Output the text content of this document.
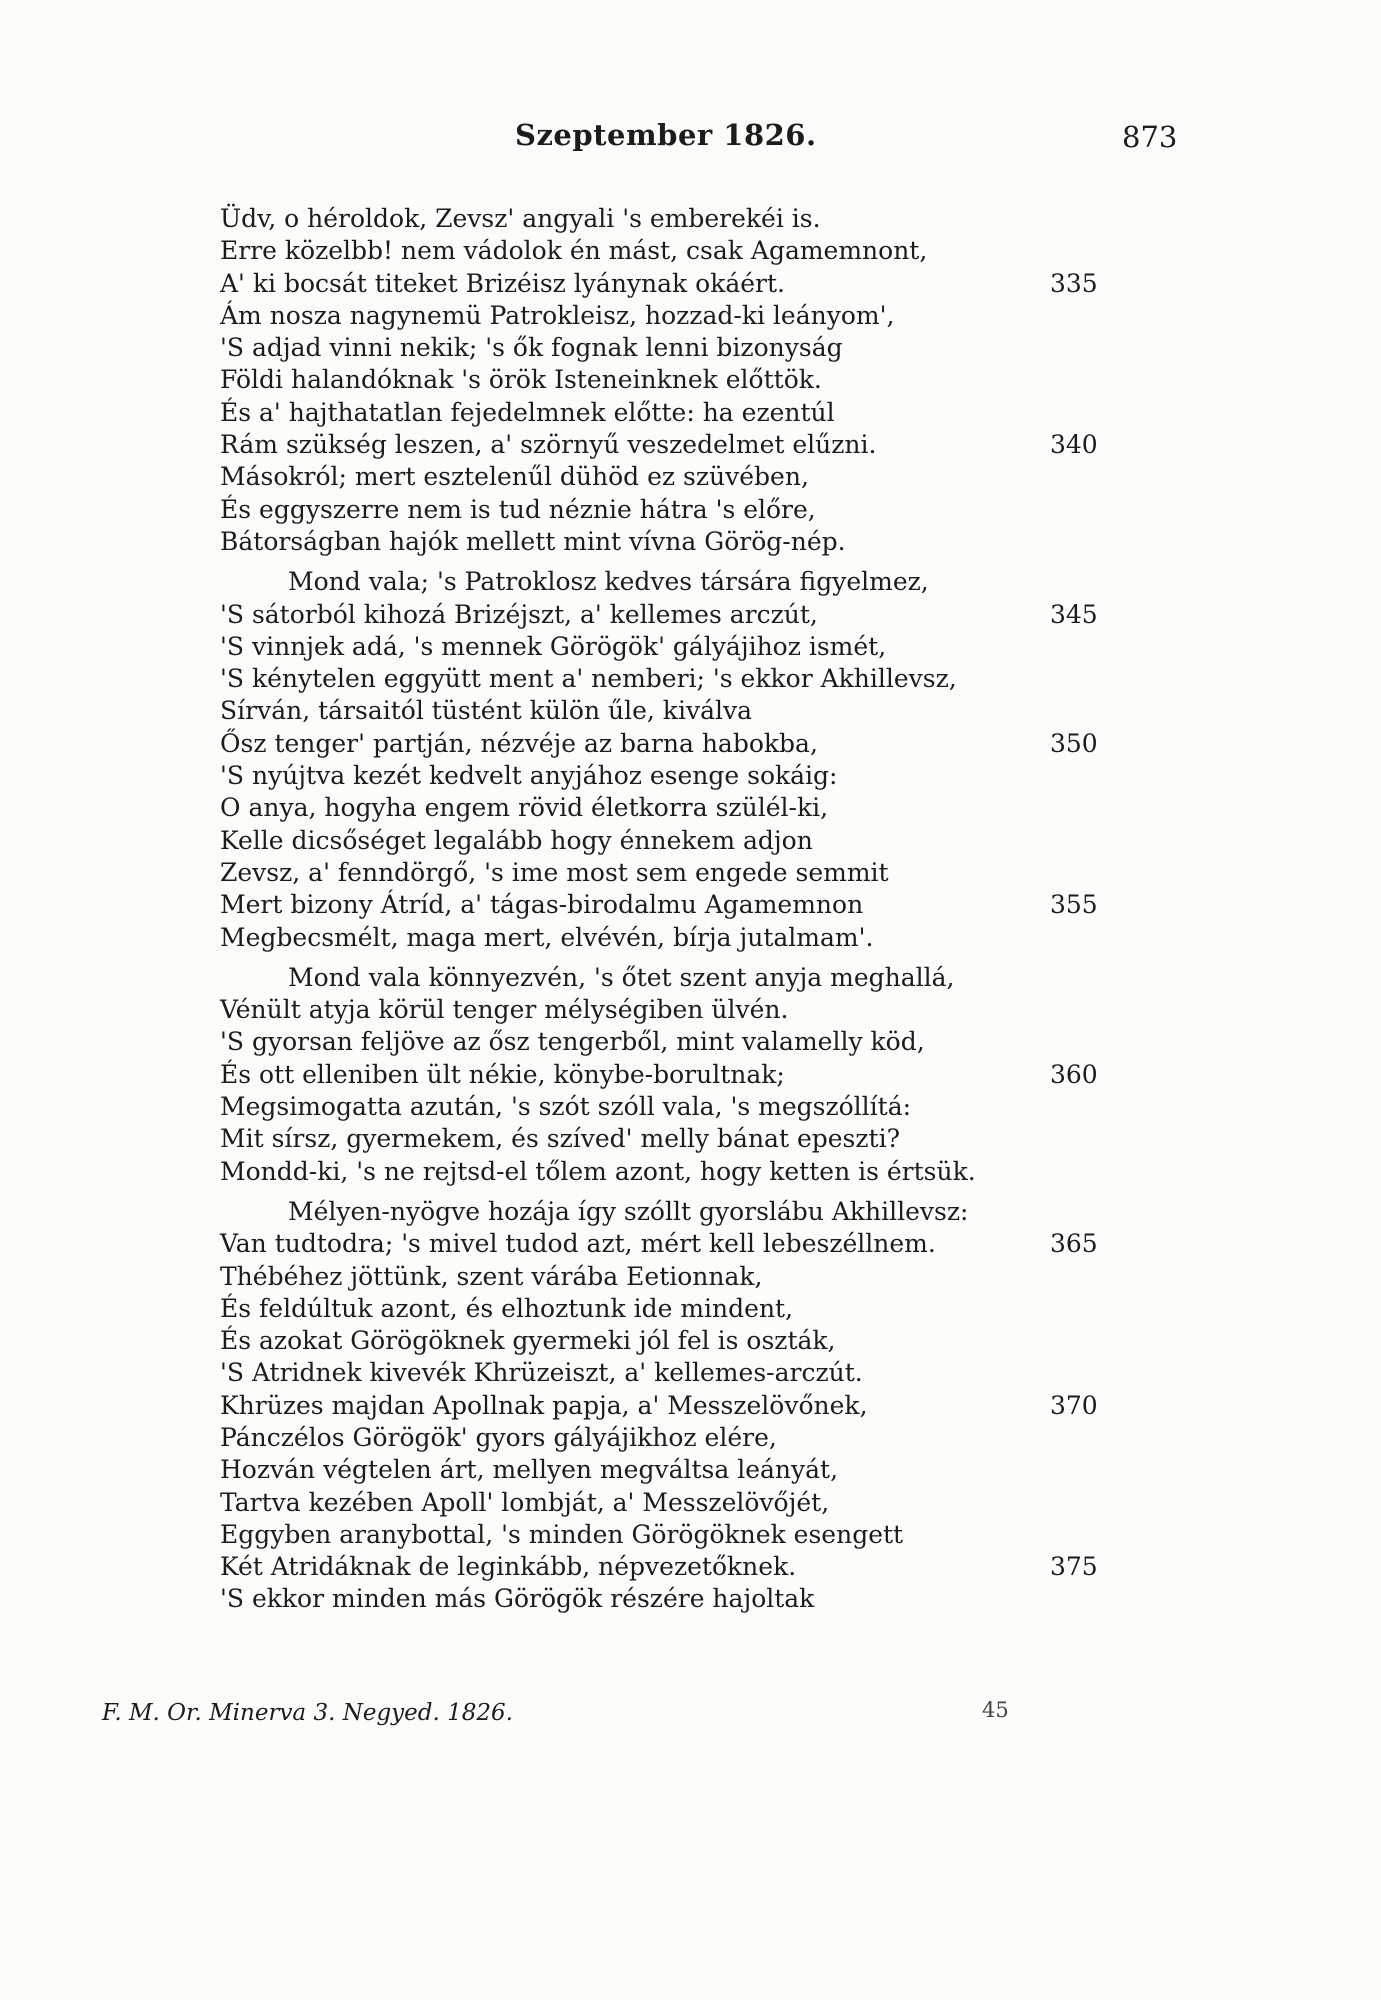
Szeptember 1826.	873
Üdv, o héroldok, Zevsz' angyali 's emberekéi is.
Erre közelbb! nem vádolok én mást, csak Agamemnont,
A' ki bocsát titeket Brizéisz lyánynak okáért.	335
Ám nosza nagynemü Patrokleisz, hozzad-ki leányom',
'S adjad vinni nekik; 's ők fognak lenni bizonyság
Földi halandóknak 's örök Isteneinknek előttök.
És a' hajthatatlan fejedelmnek előtte: ha ezentúl
Rám szükség leszen, a' szörnyű veszedelmet elűzni.	340
Másokról; mert esztelenűl dühöd ez szüvében,
És eggyszerre nem is tud néznie hátra 's előre,
Bátorságban hajók mellett mint vívna Görög-nép.
Mond vala; 's Patroklosz kedves társára figyelmez,
'S sátorból kihozá Brizéjszt, a' kellemes arczút,	345
'S vinnjek adá, 's mennek Görögök' gályájihoz ismét,
'S kénytelen eggyütt ment a' nemberi; 's ekkor Akhillevsz,
Sírván, társaitól tüstént külön űle, kiválva
Ősz tenger' partján, nézvéje az barna habokba,	350
'S nyújtva kezét kedvelt anyjához esenge sokáig:
O anya, hogyha engem rövid életkorra szülél-ki,
Kelle dicsőséget legalább hogy énnekem adjon
Zevsz, a' fenndörgő, 's ime most sem engede semmit
Mert bizony Átríd, a' tágas-birodalmu Agamemnon	355
Megbecsmélt, maga mert, elvévén, bírja jutalmam'.
Mond vala könnyezvén, 's őtet szent anyja meghallá,
Vénült atyja körül tenger mélységiben ülvén.
'S gyorsan feljöve az ősz tengerből, mint valamelly köd,
És ott elleniben ült nékie, könybe-borultnak;	360
Megsimogatta azután, 's szót szóll vala, 's megszóllítá:
Mit sírsz, gyermekem, és szíved' melly bánat epeszti?
Mondd-ki, 's ne rejtsd-el tőlem azont, hogy ketten is értsük.
Mélyen-nyögve hozája így szóllt gyorslábu Akhillevsz:
Van tudtodra; 's mivel tudod azt, mért kell lebeszéllnem.	365
Thébéhez jöttünk, szent várába Eetionnak,
És feldúltuk azont, és elhoztunk ide mindent,
És azokat Görögöknek gyermeki jól fel is oszták,
'S Atridnek kivevék Khrüzeiszt, a' kellemes-arczút.
Khrüzes majdan Apollnak papja, a' Messzelövőnek,	370
Pánczélos Görögök' gyors gályájikhoz elére,
Hozván végtelen árt, mellyen megváltsa leányát,
Tartva kezében Apoll' lombját, a' Messzelövőjét,
Eggyben aranybottal, 's minden Görögöknek esengett
Két Atridáknak de leginkább, népvezetőknek.	375
'S ekkor minden más Görögök részére hajoltak
F. M. Or. Minerva 3. Negyed. 1826.	45
